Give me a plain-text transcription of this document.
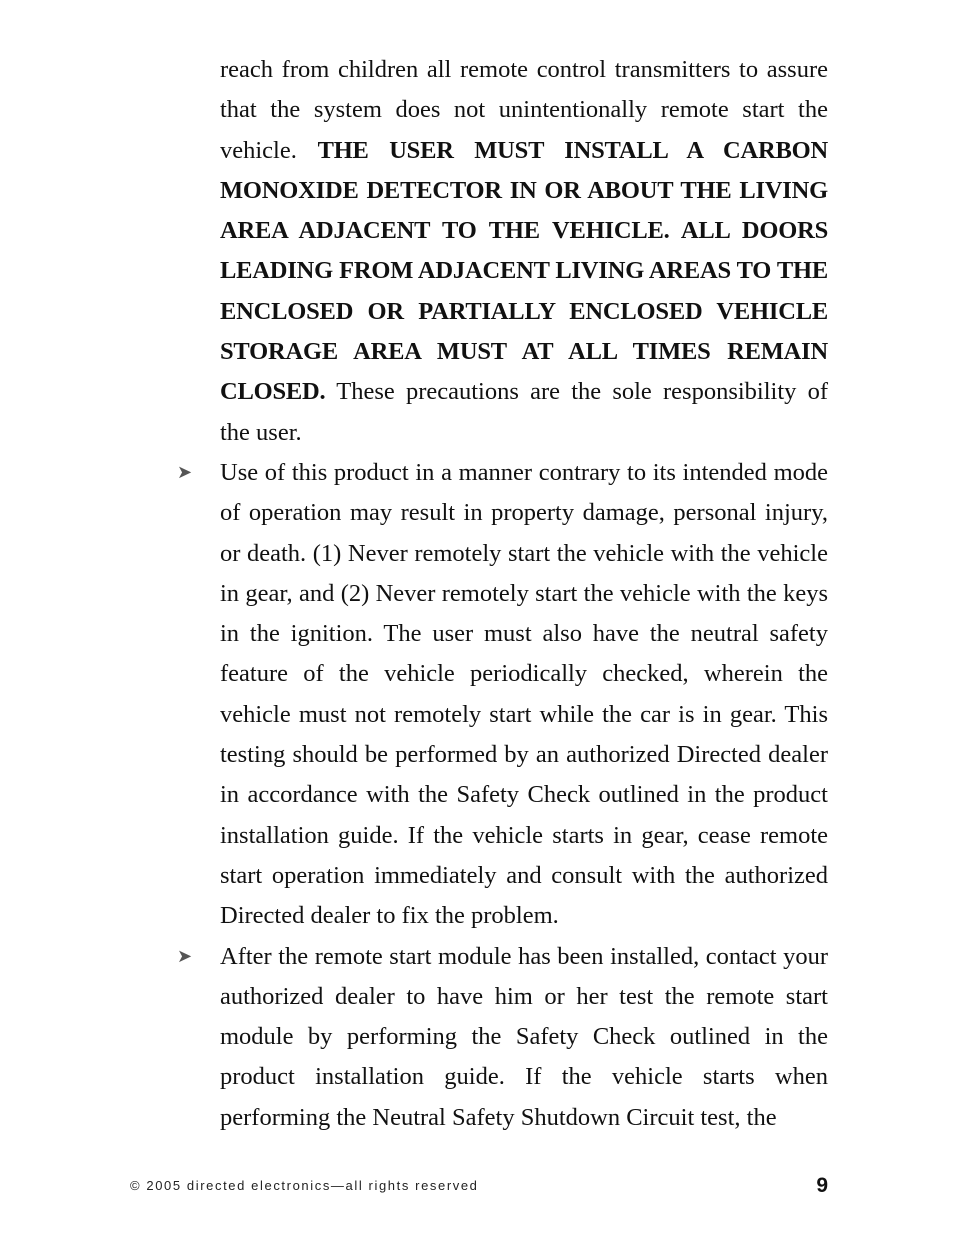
reach from children all remote control transmitters to assure that the system does not unintentionally remote start the vehicle. THE USER MUST INSTALL A CARBON MONOXIDE DETECTOR IN OR ABOUT THE LIVING AREA ADJACENT TO THE VEHICLE. ALL DOORS LEADING FROM ADJACENT LIVING AREAS TO THE ENCLOSED OR PARTIALLY ENCLOSED VEHICLE STORAGE AREA MUST AT ALL TIMES REMAIN CLOSED. These precautions are the sole responsibility of the user.

➤ Use of this product in a manner contrary to its intended mode of operation may result in property damage, personal injury, or death. (1) Never remotely start the vehicle with the vehicle in gear, and (2) Never remotely start the vehicle with the keys in the ignition. The user must also have the neutral safety feature of the vehicle periodically checked, wherein the vehicle must not remotely start while the car is in gear. This testing should be performed by an authorized Directed dealer in accordance with the Safety Check outlined in the product installation guide. If the vehicle starts in gear, cease remote start operation immediately and consult with the authorized Directed dealer to fix the problem.

➤ After the remote start module has been installed, contact your authorized dealer to have him or her test the remote start module by performing the Safety Check outlined in the product installation guide. If the vehicle starts when performing the Neutral Safety Shutdown Circuit test, the

© 2005 directed electronics—all rights reserved	9
